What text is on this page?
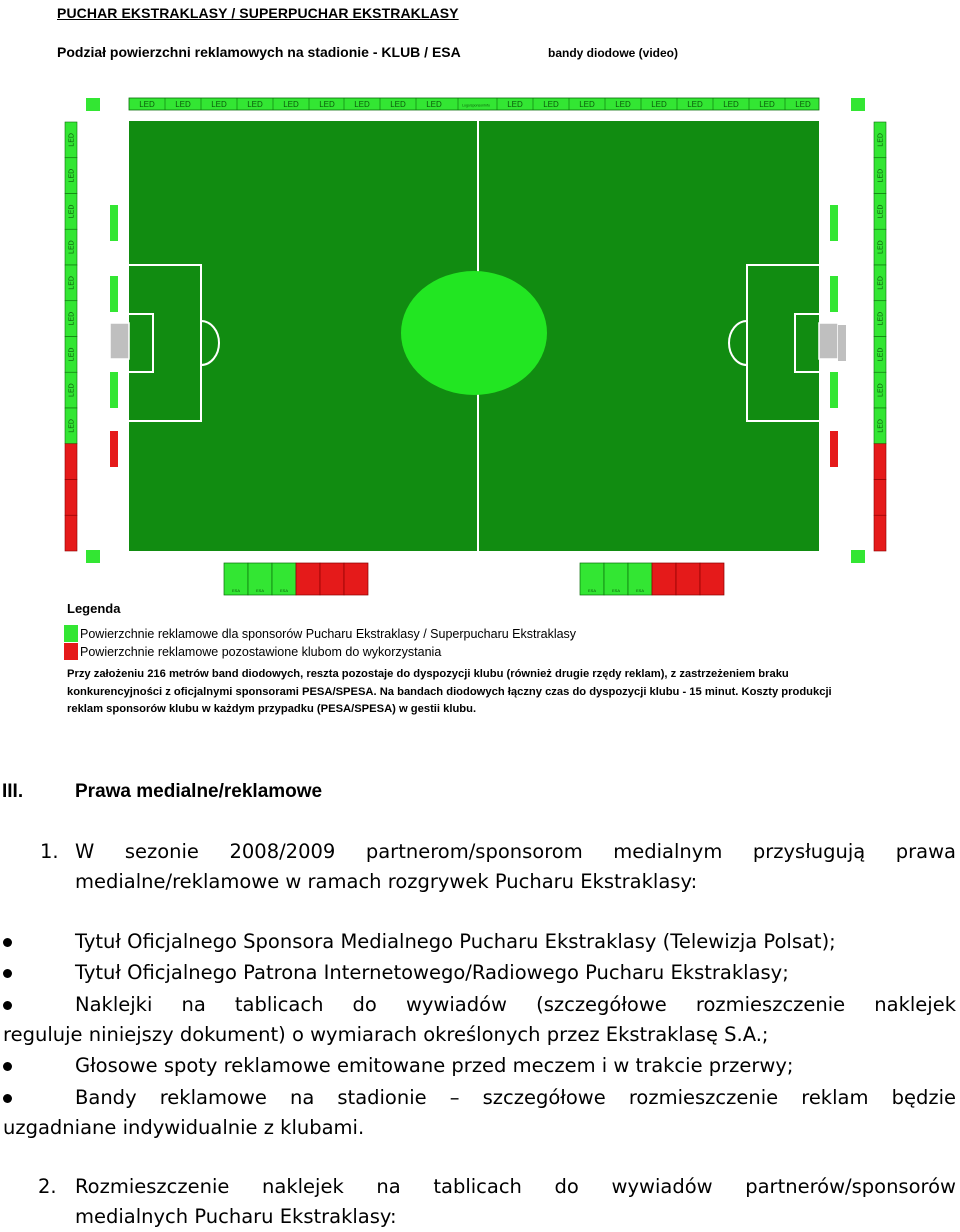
PUCHAR EKSTRAKLASY / SUPERPUCHAR EKSTRAKLASY
Podział powierzchni reklamowych na stadionie - KLUB / ESA	bandy diodowe (video)
LED	LED	LED	LED	LED	LED LED	LED	LED	Logo/sponsor/info LED	LED	LED	LED	LED	LED	LED	LED	LED
LED
LED
LED
LED
LED
LED
LED
LED
LED
LED
LED
LED
LED
LED
LED
LED
LED
LED
ESA	ESA	ESA	ESA	ESA	ESA
Legenda
Powierzchnie reklamowe dla sponsorów Pucharu Ekstraklasy / Superpucharu Ekstraklasy
Powierzchnie reklamowe pozostawione klubom do wykorzystania
Przy założeniu 216 metrów band diodowych, reszta pozostaje do dyspozycji klubu (również drugie rzędy reklam), z zastrzeżeniem braku konkurencyjności z oficjalnymi sponsorami PESA/SPESA. Na bandach diodowych łączny czas do dyspozycji klubu - 15 minut. Koszty produkcji reklam sponsorów klubu w każdym przypadku (PESA/SPESA) w gestii klubu.
III.	Prawa medialne/reklamowe
1. W sezonie 2008/2009 partnerom/sponsorom medialnym przysługują prawa
medialne/reklamowe w ramach rozgrywek Pucharu Ekstraklasy:
Tytuł Oficjalnego Sponsora Medialnego Pucharu Ekstraklasy (Telewizja Polsat);
Tytuł Oficjalnego Patrona Internetowego/Radiowego Pucharu Ekstraklasy;
Naklejki na tablicach do wywiadów (szczegółowe rozmieszczenie naklejek
reguluje niniejszy dokument) o wymiarach określonych przez Ekstraklasę S.A.;
Głosowe spoty reklamowe emitowane przed meczem i w trakcie przerwy;
Bandy reklamowe na stadionie – szczegółowe rozmieszczenie reklam będzie
uzgadniane indywidualnie z klubami.
2. Rozmieszczenie naklejek na tablicach do wywiadów partnerów/sponsorów
medialnych Pucharu Ekstraklasy:
